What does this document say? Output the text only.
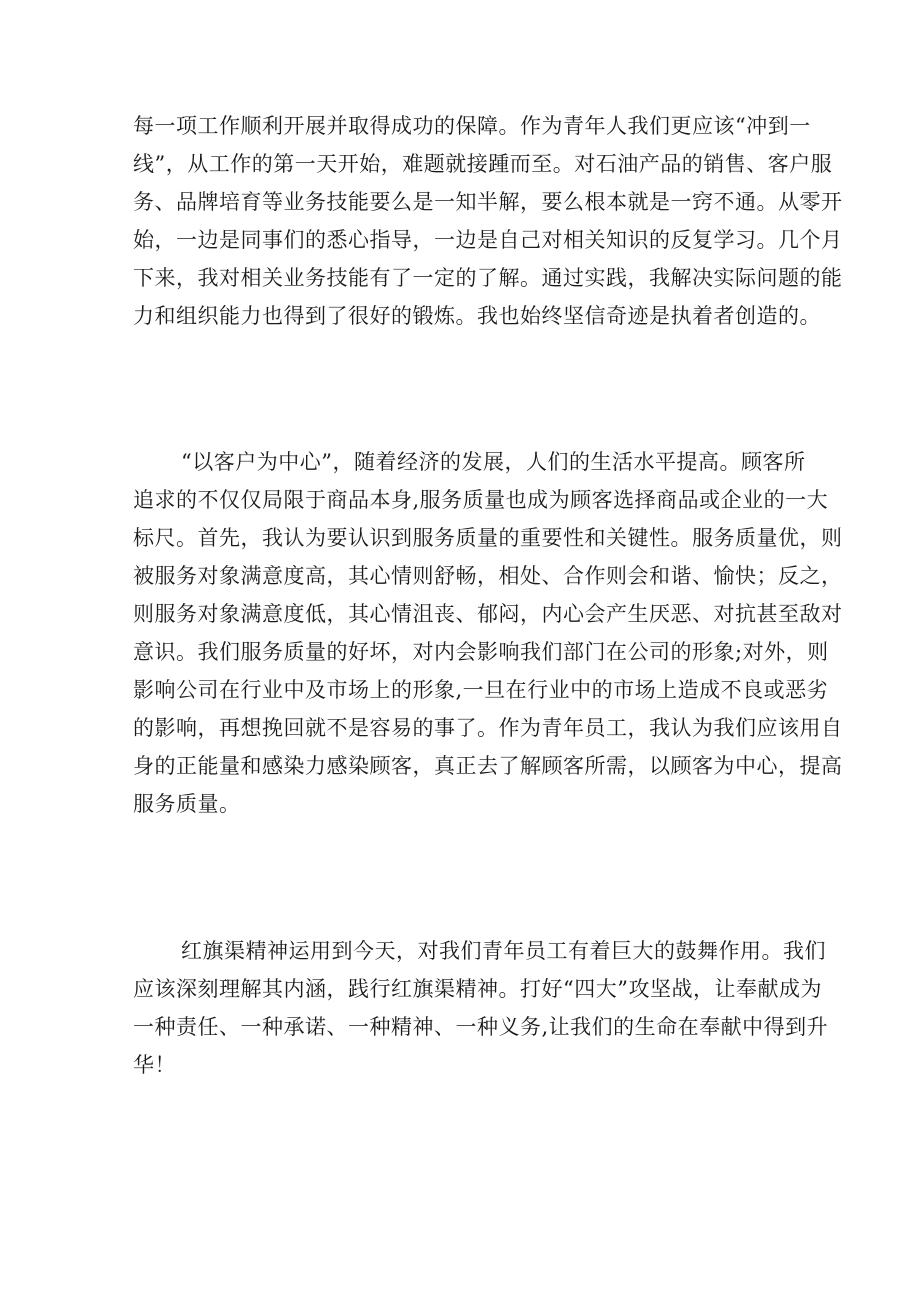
每一项工作顺利开展并取得成功的保障。作为青年人我们更应该“冲到一
线”，从工作的第一天开始，难题就接踵而至。对石油产品的销售、客户服
务、品牌培育等业务技能要么是一知半解，要么根本就是一窍不通。从零开
始，一边是同事们的悉心指导，一边是自己对相关知识的反复学习。几个月
下来，我对相关业务技能有了一定的了解。通过实践，我解决实际问题的能
力和组织能力也得到了很好的锻炼。我也始终坚信奇迹是执着者创造的。
“以客户为中心”，随着经济的发展，人们的生活水平提高。顾客所
追求的不仅仅局限于商品本身,服务质量也成为顾客选择商品或企业的一大
标尺。首先，我认为要认识到服务质量的重要性和关键性。服务质量优，则
被服务对象满意度高，其心情则舒畅，相处、合作则会和谐、愉快；反之，
则服务对象满意度低，其心情沮丧、郁闷，内心会产生厌恶、对抗甚至敌对
意识。我们服务质量的好坏，对内会影响我们部门在公司的形象;对外，则
影响公司在行业中及市场上的形象,一旦在行业中的市场上造成不良或恶劣
的影响，再想挽回就不是容易的事了。作为青年员工，我认为我们应该用自
身的正能量和感染力感染顾客，真正去了解顾客所需，以顾客为中心，提高
服务质量。
红旗渠精神运用到今天，对我们青年员工有着巨大的鼓舞作用。我们
应该深刻理解其内涵，践行红旗渠精神。打好“四大”攻坚战，让奉献成为
一种责任、一种承诺、一种精神、一种义务,让我们的生命在奉献中得到升
华！
